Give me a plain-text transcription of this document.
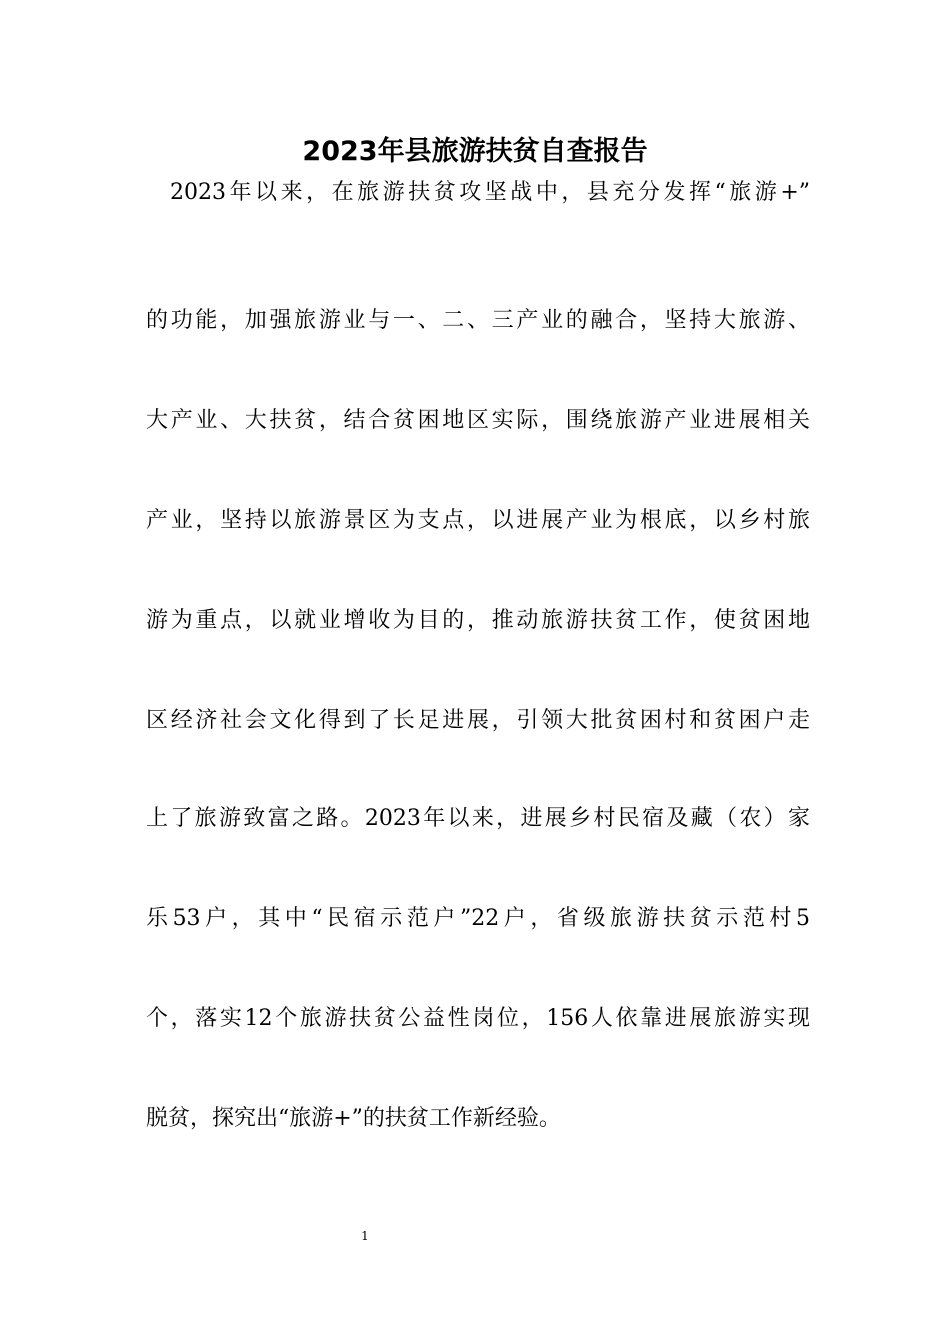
2023年县旅游扶贫自查报告
2023年以来，在旅游扶贫攻坚战中，县充分发挥“旅游+”
的功能，加强旅游业与一、二、三产业的融合，坚持大旅游、
大产业、大扶贫，结合贫困地区实际，围绕旅游产业进展相关
产业，坚持以旅游景区为支点，以进展产业为根底，以乡村旅
游为重点，以就业增收为目的，推动旅游扶贫工作，使贫困地
区经济社会文化得到了长足进展，引领大批贫困村和贫困户走
上了旅游致富之路。2023年以来，进展乡村民宿及藏（农）家
乐53户，其中“民宿示范户”22户，省级旅游扶贫示范村5
个，落实12个旅游扶贫公益性岗位，156人依靠进展旅游实现
脱贫，探究出“旅游+”的扶贫工作新经验。
1
